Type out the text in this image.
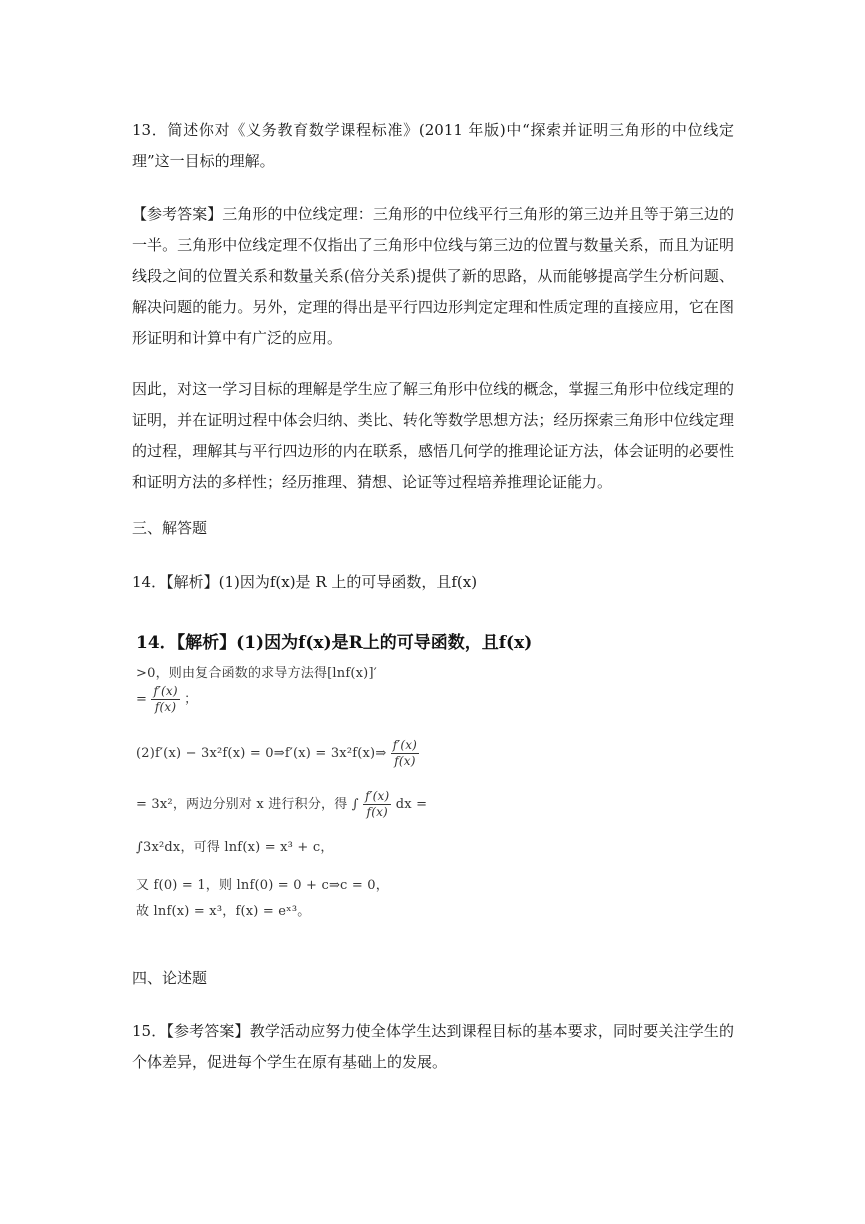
13．简述你对《义务教育数学课程标准》(2011 年版)中“探索并证明三角形的中位线定理”这一目标的理解。

【参考答案】三角形的中位线定理：三角形的中位线平行三角形的第三边并且等于第三边的一半。三角形中位线定理不仅指出了三角形中位线与第三边的位置与数量关系，而且为证明线段之间的位置关系和数量关系(倍分关系)提供了新的思路，从而能够提高学生分析问题、解决问题的能力。另外，定理的得出是平行四边形判定定理和性质定理的直接应用，它在图形证明和计算中有广泛的应用。

因此，对这一学习目标的理解是学生应了解三角形中位线的概念，掌握三角形中位线定理的证明，并在证明过程中体会归纳、类比、转化等数学思想方法；经历探索三角形中位线定理的过程，理解其与平行四边形的内在联系，感悟几何学的推理论证方法，体会证明的必要性和证明方法的多样性；经历推理、猜想、论证等过程培养推理论证能力。

三、解答题

14．【解析】(1)因为f(x)是 R 上的可导函数，且f(x)

14．【解析】(1)因为f(x)是R上的可导函数，且f(x)
>0，则由复合函数的求导方法得[lnf(x)]′
= $\frac{f'(x)}{f(x)}$ ；
(2)f′(x) − 3x²f(x) = 0⇒f′(x) = 3x²f(x)⇒ $\frac{f'(x)}{f(x)}$
= 3x²，两边分别对 x 进行积分，得 ∫ $\frac{f'(x)}{f(x)}$ dx =
∫3x²dx，可得 lnf(x) = x³ + c，
又 f(0) = 1，则 lnf(0) = 0 + c⇒c = 0，
故 lnf(x) = x³，f(x) = eˣ³。

四、论述题

15．【参考答案】教学活动应努力使全体学生达到课程目标的基本要求，同时要关注学生的个体差异，促进每个学生在原有基础上的发展。
